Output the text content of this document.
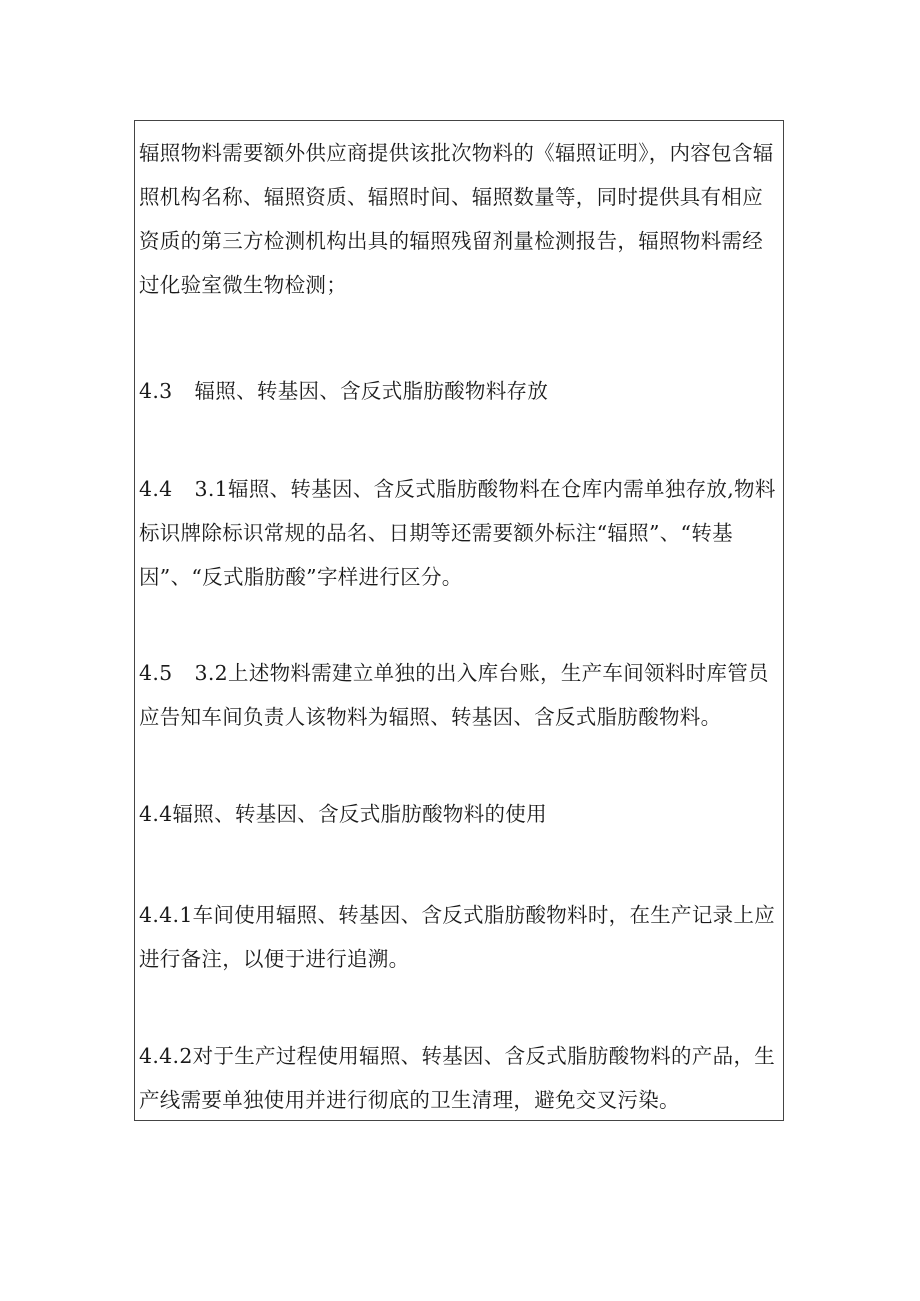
辐照物料需要额外供应商提供该批次物料的《辐照证明》，内容包含辐照机构名称、辐照资质、辐照时间、辐照数量等，同时提供具有相应资质的第三方检测机构出具的辐照残留剂量检测报告，辐照物料需经过化验室微生物检测；

4.3 辐照、转基因、含反式脂肪酸物料存放

4.4 3.1辐照、转基因、含反式脂肪酸物料在仓库内需单独存放,物料标识牌除标识常规的品名、日期等还需要额外标注“辐照”、“转基因”、“反式脂肪酸”字样进行区分。

4.5 3.2上述物料需建立单独的出入库台账，生产车间领料时库管员应告知车间负责人该物料为辐照、转基因、含反式脂肪酸物料。

4.4辐照、转基因、含反式脂肪酸物料的使用

4.4.1车间使用辐照、转基因、含反式脂肪酸物料时，在生产记录上应进行备注，以便于进行追溯。

4.4.2对于生产过程使用辐照、转基因、含反式脂肪酸物料的产品，生产线需要单独使用并进行彻底的卫生清理，避免交叉污染。
